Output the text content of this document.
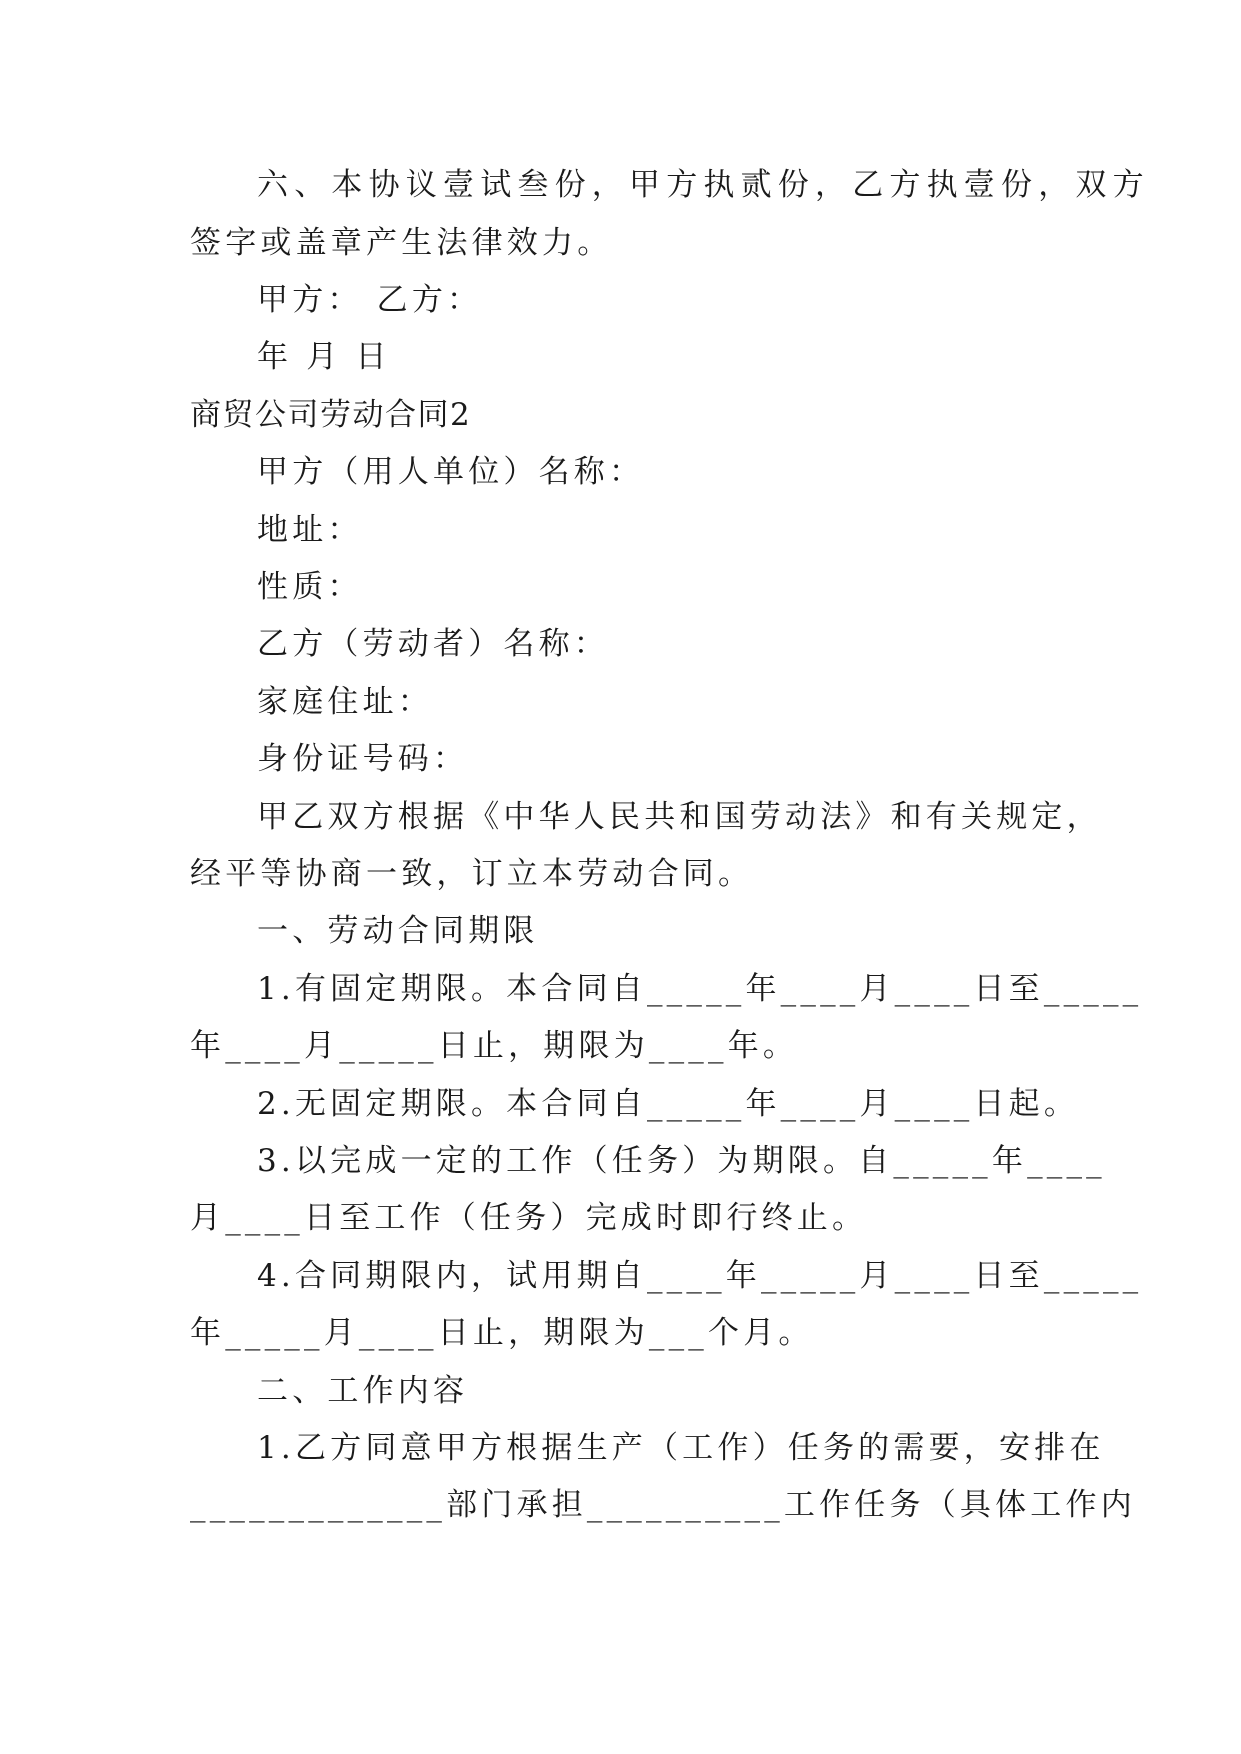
六、本协议壹试叁份，甲方执贰份，乙方执壹份，双方
签字或盖章产生法律效力。
甲方： 乙方：
年 月 日
商贸公司劳动合同2
甲方（用人单位）名称：
地址：
性质：
乙方（劳动者）名称：
家庭住址：
身份证号码：
甲乙双方根据《中华人民共和国劳动法》和有关规定，
经平等协商一致，订立本劳动合同。
一、劳动合同期限
1.有固定期限。本合同自_____年____月____日至_____
年____月_____日止，期限为____年。
2.无固定期限。本合同自_____年____月____日起。
3.以完成一定的工作（任务）为期限。自_____年____
月____日至工作（任务）完成时即行终止。
4.合同期限内，试用期自____年_____月____日至_____
年_____月____日止，期限为___个月。
二、工作内容
1.乙方同意甲方根据生产（工作）任务的需要，安排在
_____________部门承担__________工作任务（具体工作内
